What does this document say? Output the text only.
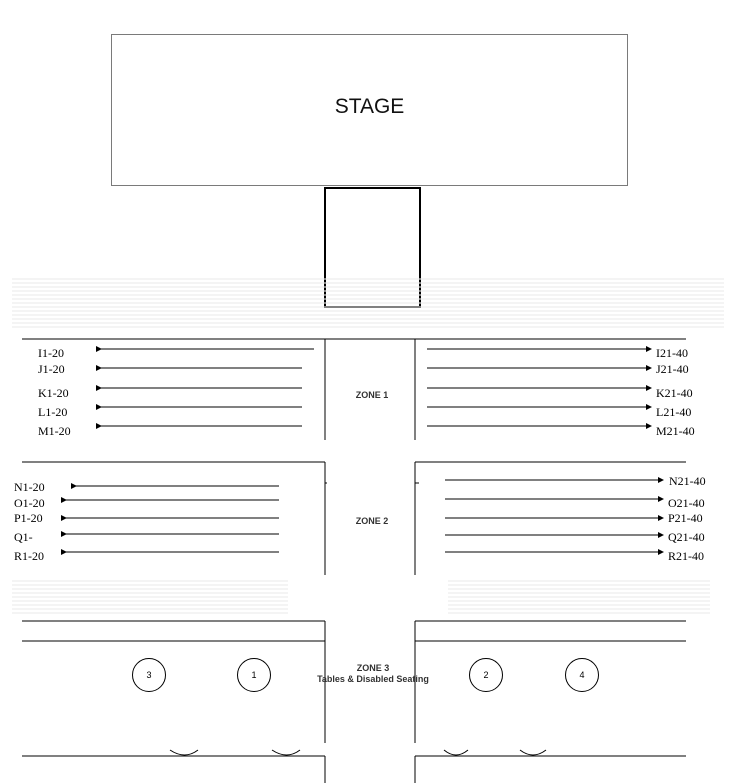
STAGE
ZONE 1
ZONE 2
ZONE 3
Tables & Disabled Seating
I1-20
J1-20
K1-20
L1-20
M1-20
I21-40
J21-40
K21-40
L21-40
M21-40
N1-20
O1-20
P1-20
Q1-
R1-20
N21-40
O21-40
P21-40
Q21-40
R21-40
3	1	2	4
